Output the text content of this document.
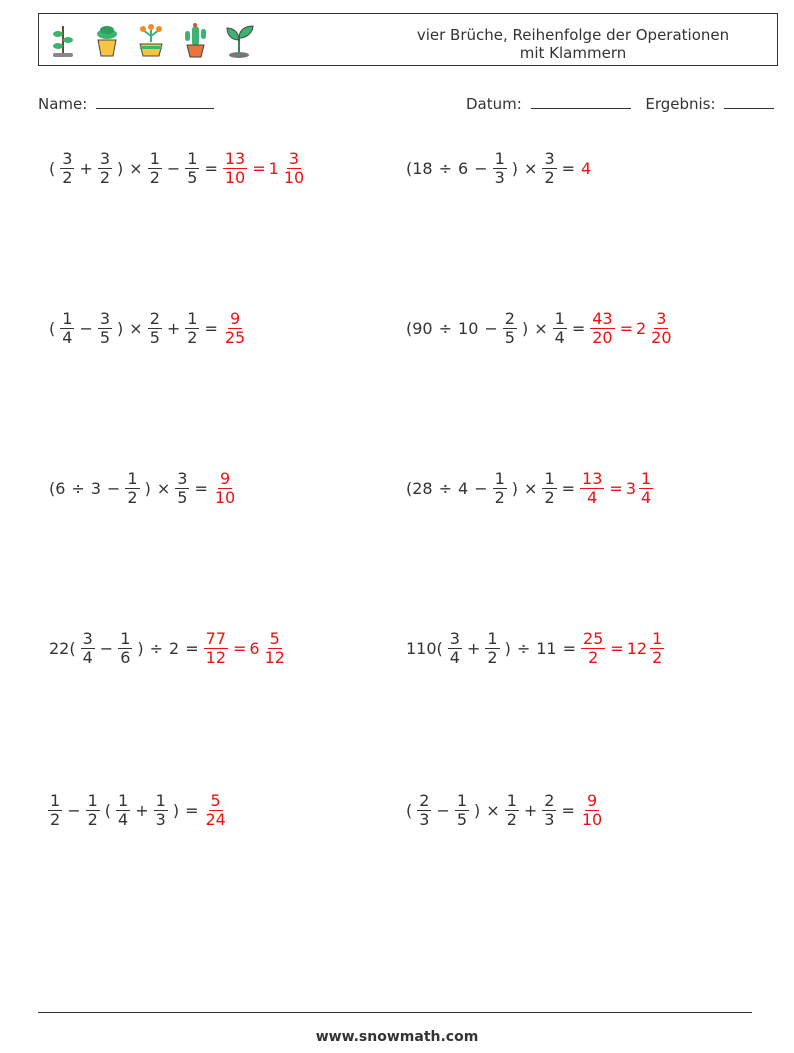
vier Brüche, Reihenfolge der Operationen
mit Klammern
Name:	Datum:	Ergebnis:
( $\frac{3}{2} + \frac{3}{2}$ ) × $\frac{1}{2} - \frac{1}{5} = \frac{13}{10} = 1 \frac{3}{10}$	($18 \div 6 - \frac{1}{3}$ ) × $\frac{3}{2} = 4$
( $\frac{1}{4} - \frac{3}{5}$ ) × $\frac{2}{5} + \frac{1}{2} = \frac{9}{25}$	($90 \div 10 - \frac{2}{5}$ ) × $\frac{1}{4} = \frac{43}{20} = 2 \frac{3}{20}$
($6 \div 3 - \frac{1}{2}$ ) × $\frac{3}{5} = \frac{9}{10}$	($28 \div 4 - \frac{1}{2}$ ) × $\frac{1}{2} = \frac{13}{4} = 3 \frac{1}{4}$
$22( \frac{3}{4} - \frac{1}{6}$ ) ÷ $2 = \frac{77}{12} = 6 \frac{5}{12}$	$110( \frac{3}{4} + \frac{1}{2}$ ) ÷ $11 = \frac{25}{2} = 12 \frac{1}{2}$
$\frac{1}{2} - \frac{1}{2}$ ( $\frac{1}{4} + \frac{1}{3}$ ) = $\frac{5}{24}$	( $\frac{2}{3} - \frac{1}{5}$ ) × $\frac{1}{2} + \frac{2}{3} = \frac{9}{10}$
www.snowmath.com
